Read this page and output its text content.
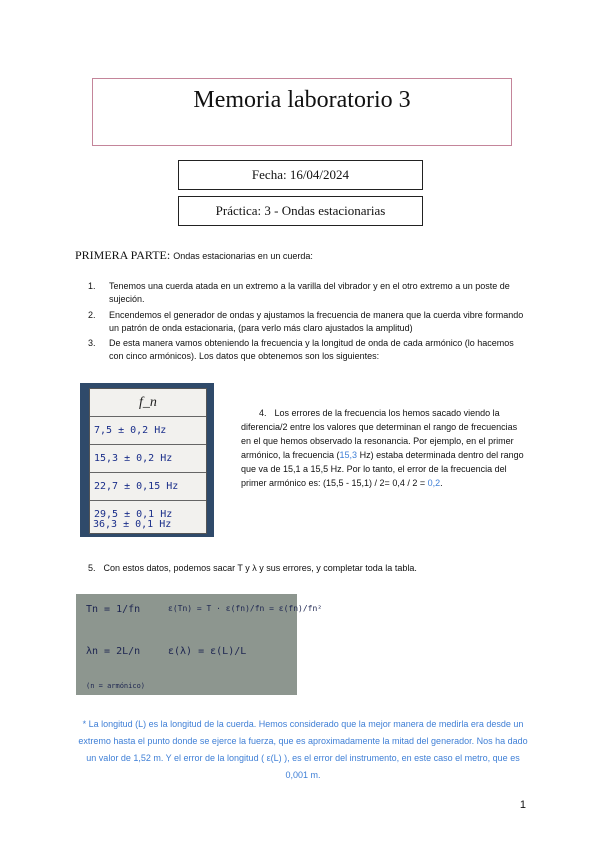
Memoria laboratorio 3
Fecha: 16/04/2024
Práctica: 3 - Ondas estacionarias
PRIMERA PARTE: Ondas estacionarias en un cuerda:
1. Tenemos una cuerda atada en un extremo a la varilla del vibrador y en el otro extremo a un poste de sujeción.
2. Encendemos el generador de ondas y ajustamos la frecuencia de manera que la cuerda vibre formando un patrón de onda estacionaria, (para verlo más claro ajustados la amplitud)
3. De esta manera vamos obteniendo la frecuencia y la longitud de onda de cada armónico (lo hacemos con cinco armónicos). Los datos que obtenemos son los siguientes:
f_n
7,5 ± 0,2 Hz
15,3 ± 0,2 Hz
22,7 ± 0,15 Hz
29,5 ± 0,1 Hz
36,3 ± 0,1 Hz
4. Los errores de la frecuencia los hemos sacado viendo la diferencia/2 entre los valores que determinan el rango de frecuencias en el que hemos observado la resonancia. Por ejemplo, en el primer armónico, la frecuencia (15,3 Hz) estaba determinada dentro del rango que va de 15,1 a 15,5 Hz. Por lo tanto, el error de la frecuencia del primer armónico es: (15,5 - 15,1) / 2= 0,4 / 2 = 0,2.
5. Con estos datos, podemos sacar T y λ y sus errores, y completar toda la tabla.
Tn = 1/fn	ε(Tn) = T · ε(fn)/fn = ε(fn)/fn²
λn = 2L/n	ε(λ) = ε(L)/L
(n = armónico)
* La longitud (L) es la longitud de la cuerda. Hemos considerado que la mejor manera de medirla era desde un extremo hasta el punto donde se ejerce la fuerza, que es aproximadamente la mitad del generador. Nos ha dado un valor de 1,52 m. Y el error de la longitud ( ε(L) ), es el error del instrumento, en este caso el metro, que es 0,001 m.
1
